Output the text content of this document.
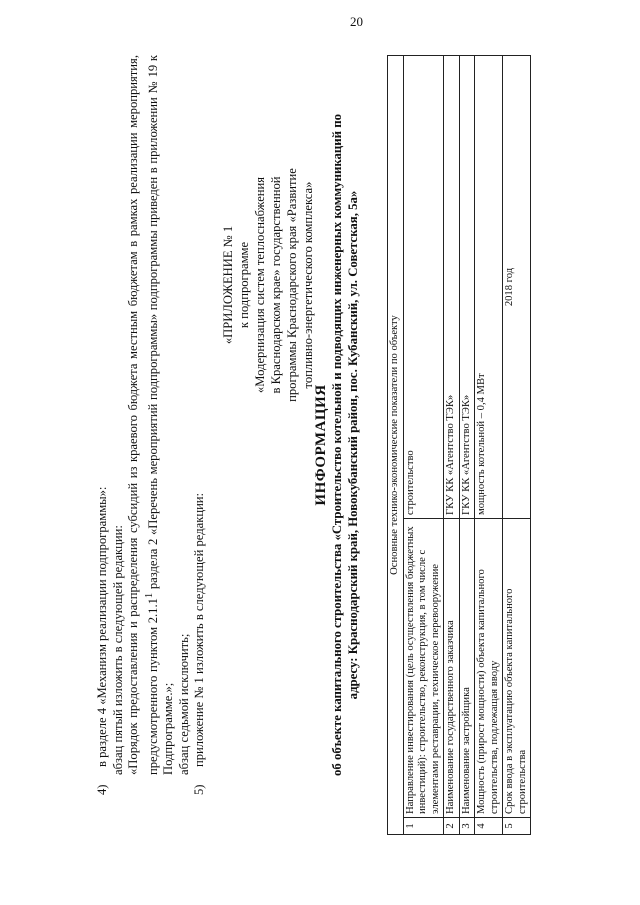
20

4)в разделе 4 «Механизм реализации подпрограммы»: абзац пятый изложить в следующей редакции: «Порядок предоставления и распределения субсидий из краевого бюджета местным бюджетам в рамках реализации мероприятия, предусмотренного пунктом 2.1.1$^1$ раздела 2 «Перечень мероприятий подпрограммы» подпрограммы приведен в приложении № 19 к Подпрограмме.»; абзац седьмой исключить;

5)приложение № 1 изложить в следующей редакции:

«ПРИЛОЖЕНИЕ № 1 к подпрограмме «Модернизация систем теплоснабжения в Краснодарском крае» государственной программы Краснодарского края «Развитие топливно-энергетического комплекса»
ИНФОРМАЦИЯ об объекте капитального строительства «Строительство котельной и подводящих инженерных коммуникаций по адресу: Краснодарский край, Новокубанский район, пос. Кубанский, ул. Советская, 5а»	Основные технико-экономические показатели по объекту		
1	Направление инвестирования (цель осуществления бюджетных инвестиций): строительство, реконструкция, в том числе с элементами реставрации, техническое перевооружение	строительство
2	Наименование государственного заказчика	ГКУ КК «Агентство ТЭК»
3	Наименование застройщика	ГКУ КК «Агентство ТЭК»
4	Мощность (прирост мощности) объекта капитального строительства, подлежащая вводу	мощность котельной – 0,4 МВт
5	Срок ввода в эксплуатацию объекта капитального строительства	2018 год
